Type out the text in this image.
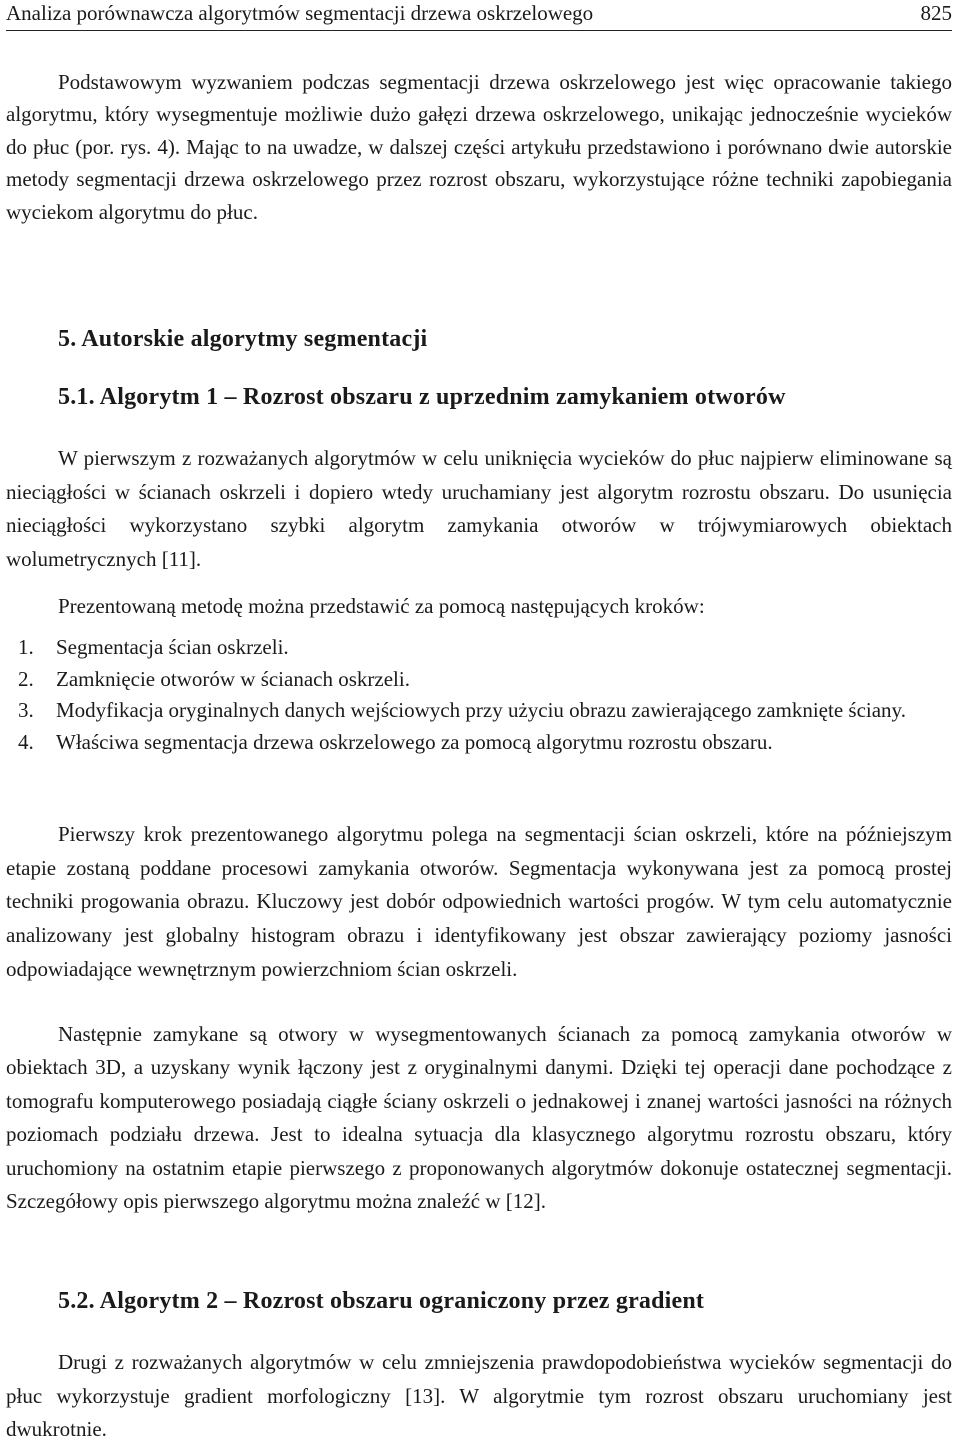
Analiza porównawcza algorytmów segmentacji drzewa oskrzelowego	825

Podstawowym wyzwaniem podczas segmentacji drzewa oskrzelowego jest więc opracowanie takiego algorytmu, który wysegmentuje możliwie dużo gałęzi drzewa oskrzelowego, unikając jednocześnie wycieków do płuc (por. rys. 4). Mając to na uwadze, w dalszej części artykułu przedstawiono i porównano dwie autorskie metody segmentacji drzewa oskrzelowego przez rozrost obszaru, wykorzystujące różne techniki zapobiegania wyciekom algorytmu do płuc.

5. Autorskie algorytmy segmentacji
5.1. Algorytm 1 – Rozrost obszaru z uprzednim zamykaniem otworów

W pierwszym z rozważanych algorytmów w celu uniknięcia wycieków do płuc najpierw eliminowane są nieciągłości w ścianach oskrzeli i dopiero wtedy uruchamiany jest algorytm rozrostu obszaru. Do usunięcia nieciągłości wykorzystano szybki algorytm zamykania otworów w trójwymiarowych obiektach wolumetrycznych [11].

Prezentowaną metodę można przedstawić za pomocą następujących kroków:

1. Segmentacja ścian oskrzeli.
2. Zamknięcie otworów w ścianach oskrzeli.
3. Modyfikacja oryginalnych danych wejściowych przy użyciu obrazu zawierającego zamknięte ściany.
4. Właściwa segmentacja drzewa oskrzelowego za pomocą algorytmu rozrostu obszaru.

Pierwszy krok prezentowanego algorytmu polega na segmentacji ścian oskrzeli, które na późniejszym etapie zostaną poddane procesowi zamykania otworów. Segmentacja wykonywana jest za pomocą prostej techniki progowania obrazu. Kluczowy jest dobór odpowiednich wartości progów. W tym celu automatycznie analizowany jest globalny histogram obrazu i identyfikowany jest obszar zawierający poziomy jasności odpowiadające wewnętrznym powierzchniom ścian oskrzeli.

Następnie zamykane są otwory w wysegmentowanych ścianach za pomocą zamykania otworów w obiektach 3D, a uzyskany wynik łączony jest z oryginalnymi danymi. Dzięki tej operacji dane pochodzące z tomografu komputerowego posiadają ciągłe ściany oskrzeli o jednakowej i znanej wartości jasności na różnych poziomach podziału drzewa. Jest to idealna sytuacja dla klasycznego algorytmu rozrostu obszaru, który uruchomiony na ostatnim etapie pierwszego z proponowanych algorytmów dokonuje ostatecznej segmentacji. Szczegółowy opis pierwszego algorytmu można znaleźć w [12].

5.2. Algorytm 2 – Rozrost obszaru ograniczony przez gradient

Drugi z rozważanych algorytmów w celu zmniejszenia prawdopodobieństwa wycieków segmentacji do płuc wykorzystuje gradient morfologiczny [13]. W algorytmie tym rozrost obszaru uruchomiany jest dwukrotnie.
